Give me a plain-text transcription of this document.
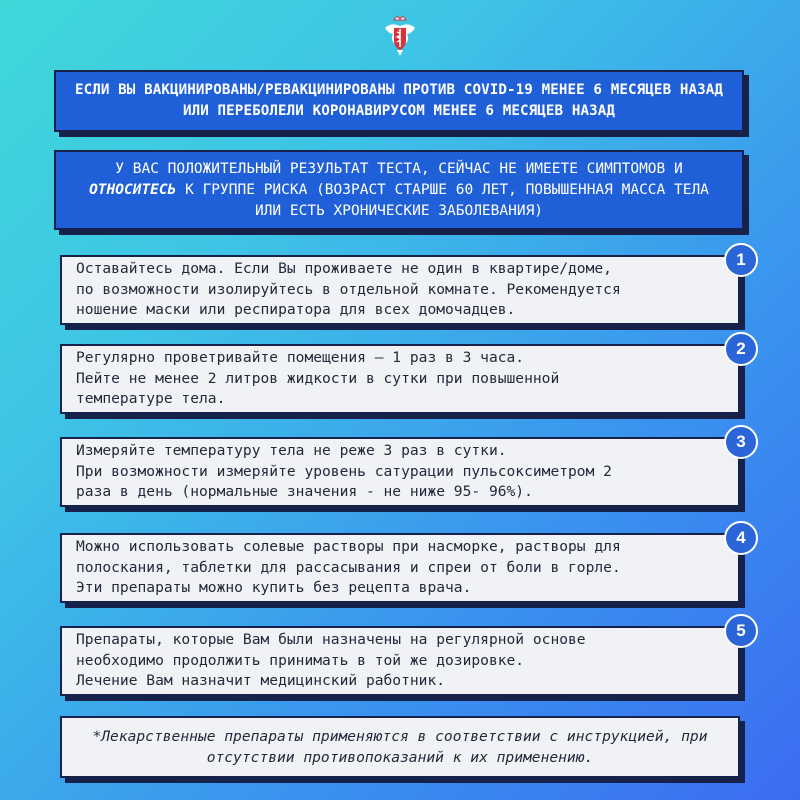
ЕСЛИ ВЫ ВАКЦИНИРОВАНЫ/РЕВАКЦИНИРОВАНЫ ПРОТИВ COVID-19 МЕНЕЕ 6 МЕСЯЦЕВ НАЗАД ИЛИ ПЕРЕБОЛЕЛИ КОРОНАВИРУСОМ МЕНЕЕ 6 МЕСЯЦЕВ НАЗАД
У ВАС ПОЛОЖИТЕЛЬНЫЙ РЕЗУЛЬТАТ ТЕСТА, СЕЙЧАС НЕ ИМЕЕТЕ СИМПТОМОВ И ОТНОСИТЕСЬ К ГРУППЕ РИСКА (ВОЗРАСТ СТАРШЕ 60 ЛЕТ, ПОВЫШЕННАЯ МАССА ТЕЛА ИЛИ ЕСТЬ ХРОНИЧЕСКИЕ ЗАБОЛЕВАНИЯ)
Оставайтесь дома. Если Вы проживаете не один в квартире/доме,
по возможности изолируйтесь в отдельной комнате. Рекомендуется
ношение маски или респиратора для всех домочадцев.
1
Регулярно проветривайте помещения — 1 раз в 3 часа.
Пейте не менее 2 литров жидкости в сутки при повышенной
температуре тела.
2
Измеряйте температуру тела не реже 3 раз в сутки.
При возможности измеряйте уровень сатурации пульсоксиметром 2
раза в день (нормальные значения - не ниже 95- 96%).
3
Можно использовать солевые растворы при насморке, растворы для
полоскания, таблетки для рассасывания и спреи от боли в горле.
Эти препараты можно купить без рецепта врача.
4
Препараты, которые Вам были назначены на регулярной основе
необходимо продолжить принимать в той же дозировке.
Лечение Вам назначит медицинский работник.
5
*Лекарственные препараты применяются в соответствии с инструкцией, при отсутствии противопоказаний к их применению.
